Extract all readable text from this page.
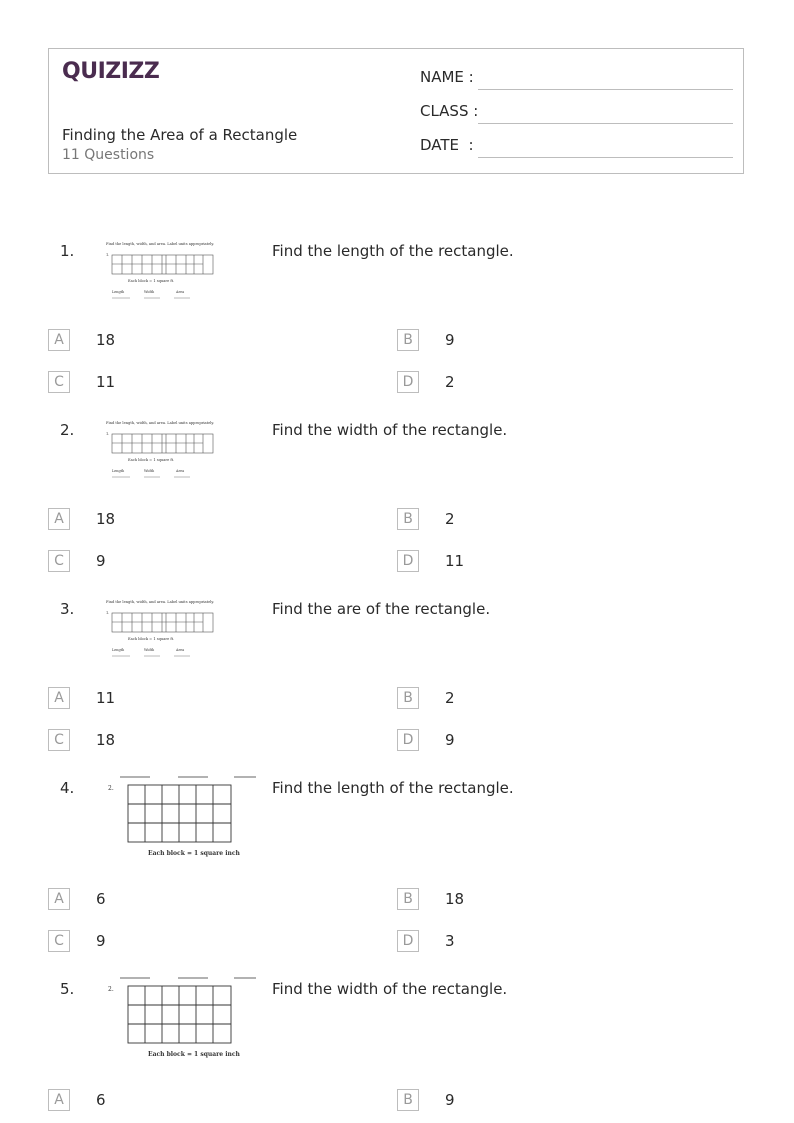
QUIZIZZ
Finding the Area of a Rectangle
11 Questions
NAME :
CLASS :
DATE  :
1.	Find the length, width, and area. Label units appropriately.
1.
Each block = 1 square ft.
Length	Width	Area
Find the length of the rectangle.
A	18	B	9
C	11	D	2
2.	Find the length, width, and area. Label units appropriately.
1.
Each block = 1 square ft.
Length	Width	Area
Find the width of the rectangle.
A	18	B	2
C	9	D	11
3.	Find the length, width, and area. Label units appropriately.
1.
Each block = 1 square ft.
Length	Width	Area
Find the are of the rectangle.
A	11	B	2
C	18	D	9
4.	2.
Each block = 1 square inch
Find the length of the rectangle.
A	6	B	18
C	9	D	3
5.	2.
Each block = 1 square inch
Find the width of the rectangle.
A	6	B	9
